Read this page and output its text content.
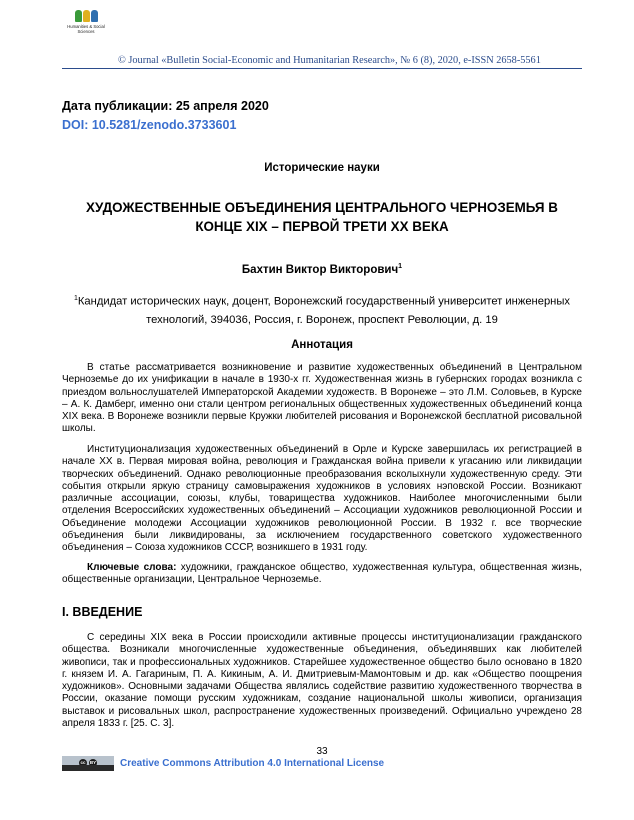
Humanities & Social Sciences
© Journal «Bulletin Social-Economic and Humanitarian Research», № 6 (8), 2020, e-ISSN 2658-5561
Дата публикации: 25 апреля 2020
DOI: 10.5281/zenodo.3733601
Исторические науки
ХУДОЖЕСТВЕННЫЕ ОБЪЕДИНЕНИЯ ЦЕНТРАЛЬНОГО ЧЕРНОЗЕМЬЯ В
КОНЦЕ XIX – ПЕРВОЙ ТРЕТИ XX ВЕКА
Бахтин Виктор Викторович$^1$
$^1$Кандидат исторических наук, доцент, Воронежский государственный университет инженерных
технологий, 394036, Россия, г. Воронеж, проспект Революции, д. 19
Аннотация
В статье рассматривается возникновение и развитие художественных объединений в Центральном Черноземье до их унификации в начале в 1930-х гг. Художественная жизнь в губернских городах возникла с приездом вольнослушателей Императорской Академии художеств. В Воронеже – это Л.М. Соловьев, в Курске – А. К. Дамберг, именно они стали центром региональных общественных художественных объединений конца XIX века. В Воронеже возникли первые Кружки любителей рисования и Воронежской бесплатной рисовальной школы.
Институционализация художественных объединений в Орле и Курске завершилась их регистрацией в начале XX в. Первая мировая война, революция и Гражданская война привели к угасанию или ликвидации творческих объединений. Однако революционные преобразования всколыхнули художественную среду. Эти события открыли яркую страницу самовыражения художников в условиях нэповской России. Возникают различные ассоциации, союзы, клубы, товарищества художников. Наиболее многочисленными были отделения Всероссийских художественных объединений – Ассоциации художников революционной России и Объединение молодежи Ассоциации художников революционной России. В 1932 г. все творческие объединения были ликвидированы, за исключением государственного советского художественного объединения – Союза художников СССР, возникшего в 1931 году.
Ключевые слова: художники, гражданское общество, художественная культура, общественная жизнь, общественные организации, Центральное Черноземье.
I. ВВЕДЕНИЕ
С середины XIX века в России происходили активные процессы институционализации гражданского общества. Возникали многочисленные художественные объединения, объединявших как любителей живописи, так и профессиональных художников. Старейшее художественное общество было основано в 1820 г. князем И. А. Гагариным, П. А. Кикиным, А. И. Дмитриевым-Мамонтовым и др. как «Общество поощрения художников». Основными задачами Общества являлись содействие развитию художественного творчества в России, оказание помощи русским художникам, создание национальной школы живописи, организация выставок и рисовальных школ, распространение художественных произведений. Официально учреждено 28 апреля 1833 г. [25. С. 3].
33
cc BY Creative Commons Attribution 4.0 International License
